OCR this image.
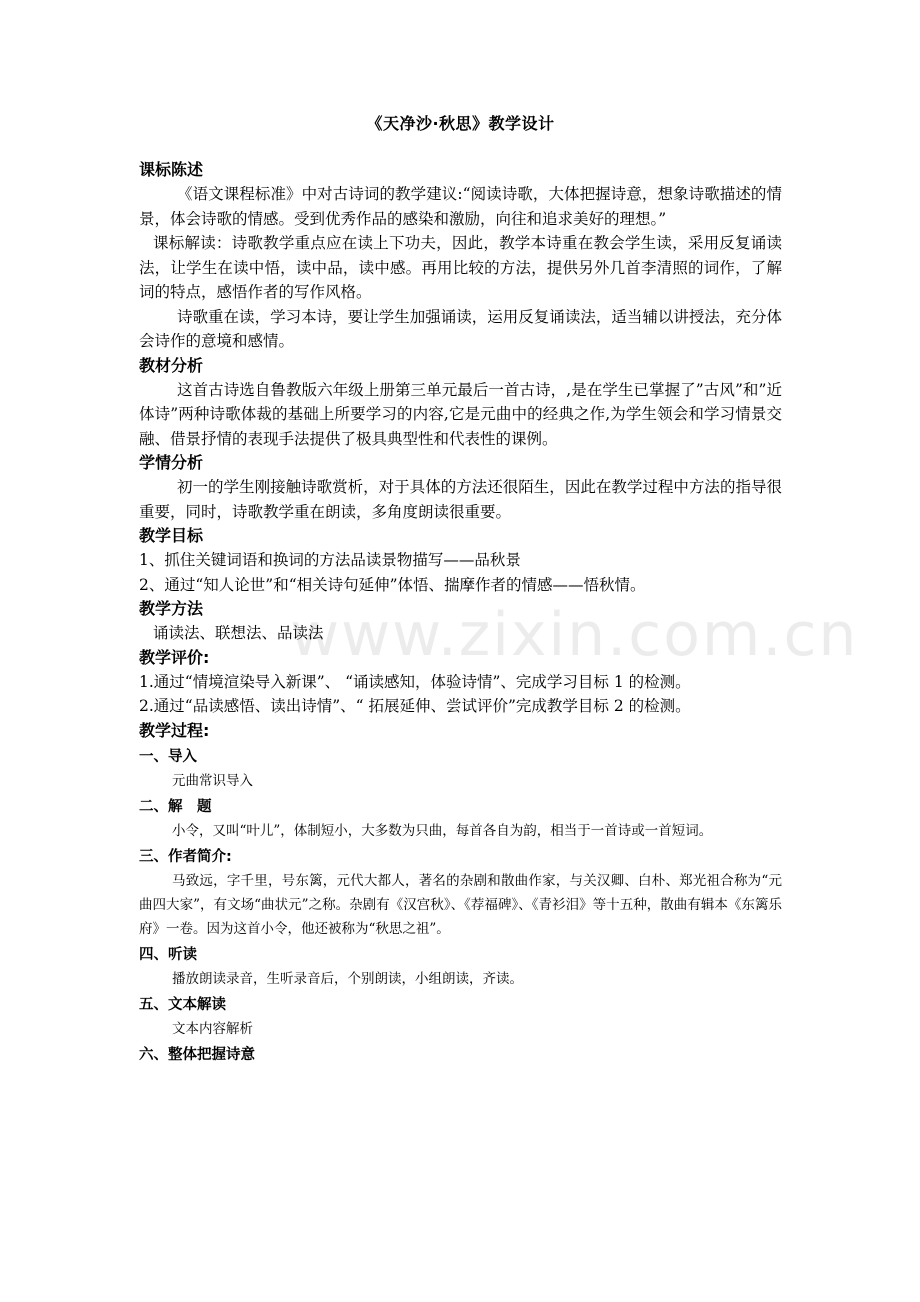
www.zixin.com.cn
《天净沙·秋思》教学设计
课标陈述

《语文课程标准》中对古诗词的教学建议:“阅读诗歌，大体把握诗意，想象诗歌描述的情景，体会诗歌的情感。受到优秀作品的感染和激励，向往和追求美好的理想。”

课标解读：诗歌教学重点应在读上下功夫，因此，教学本诗重在教会学生读，采用反复诵读法，让学生在读中悟，读中品，读中感。再用比较的方法，提供另外几首李清照的词作，了解词的特点，感悟作者的写作风格。

诗歌重在读，学习本诗，要让学生加强诵读，运用反复诵读法，适当辅以讲授法，充分体会诗作的意境和感情。

教材分析

这首古诗选自鲁教版六年级上册第三单元最后一首古诗，,是在学生已掌握了”古风”和”近体诗”两种诗歌体裁的基础上所要学习的内容,它是元曲中的经典之作,为学生领会和学习情景交融、借景抒情的表现手法提供了极具典型性和代表性的课例。

学情分析

初一的学生刚接触诗歌赏析，对于具体的方法还很陌生，因此在教学过程中方法的指导很重要，同时，诗歌教学重在朗读，多角度朗读很重要。

教学目标

1、抓住关键词语和换词的方法品读景物描写——品秋景

2、通过“知人论世”和“相关诗句延伸”体悟、揣摩作者的情感——悟秋情。

教学方法

诵读法、联想法、品读法

教学评价:

1.通过“情境渲染导入新课”、 “诵读感知，体验诗情”、完成学习目标 1 的检测。

2.通过“品读感悟、读出诗情”、“ 拓展延伸、尝试评价”完成教学目标 2 的检测。

教学过程:
一、导入

元曲常识导入

二、解　题

小令，又叫“叶儿”，体制短小，大多数为只曲，每首各自为韵，相当于一首诗或一首短词。

三、作者简介:

马致远，字千里，号东篱，元代大都人，著名的杂剧和散曲作家，与关汉卿、白朴、郑光祖合称为“元曲四大家”，有文场“曲状元”之称。杂剧有《汉宫秋》、《荐福碑》、《青衫泪》等十五种，散曲有辑本《东篱乐府》一卷。因为这首小令，他还被称为“秋思之祖”。

四、听读

播放朗读录音，生听录音后，个别朗读，小组朗读，齐读。

五、文本解读

文本内容解析

六、整体把握诗意
